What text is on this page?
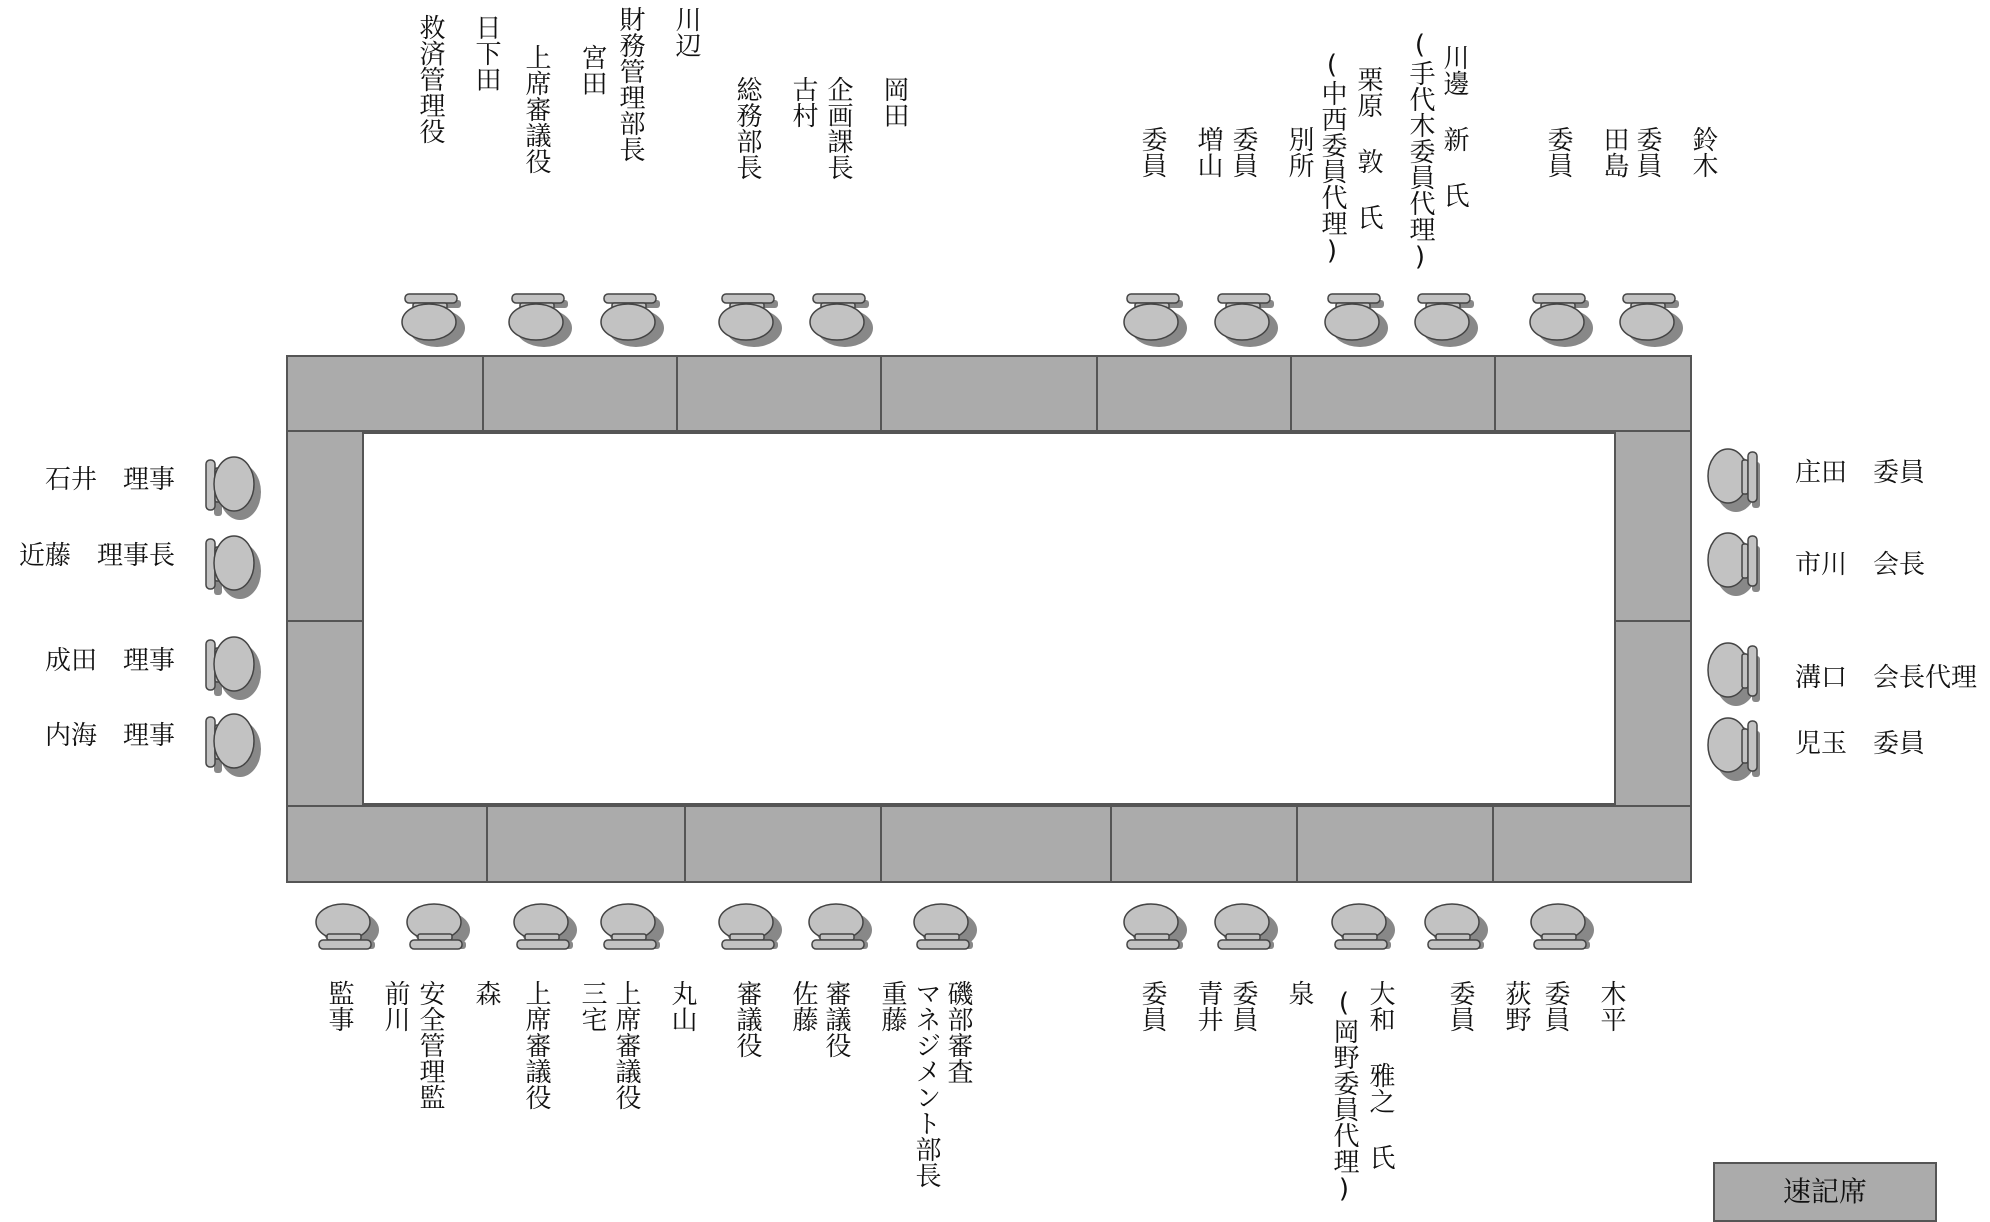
日下田

救済管理役	宮田

上席審議役
川辺

財務管理部長	古村

総務部長	岡田

企画課長	増山

委員	別所

委員	栗原 敦 氏
(中西委員代理)	川邊 新 氏
(手代木委員代理)	田島

委員	鈴木

委員
石井　理事
近藤　理事長
成田　理事
内海　理事
庄田　委員
市川　会長
溝口　会長代理
児玉　委員
前川

監事	森

安全管理監	三宅

上席審議役	丸山

上席審議役	佐藤

審議役	重藤

審議役	磯部審査
マネジメント部長	青井

委員	泉

委員	大和 雅之 氏
(岡野委員代理)	荻野

委員	木平

委員
速記席
